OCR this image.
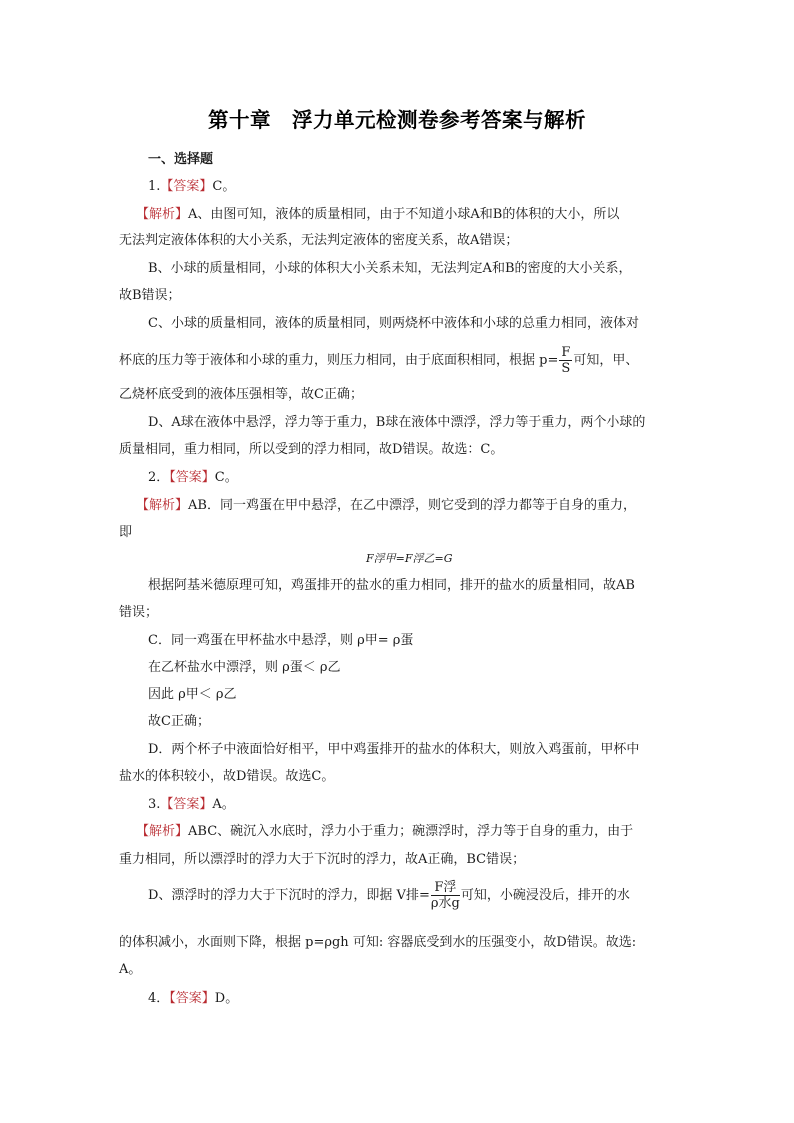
第十章　浮力单元检测卷参考答案与解析
一、选择题
1.【答案】C。
【解析】A、由图可知，液体的质量相同，由于不知道小球A和B的体积的大小，所以
无法判定液体体积的大小关系，无法判定液体的密度关系，故A错误；
B、小球的质量相同，小球的体积大小关系未知，无法判定A和B的密度的大小关系，
故B错误；
C、小球的质量相同，液体的质量相同，则两烧杯中液体和小球的总重力相同，液体对
杯底的压力等于液体和小球的重力，则压力相同，由于底面积相同，根据 $p= \frac{F}{S}$ 可知，甲、
乙烧杯底受到的液体压强相等，故C正确；
D、A球在液体中悬浮，浮力等于重力，B球在液体中漂浮，浮力等于重力，两个小球的
质量相同，重力相同，所以受到的浮力相同，故D错误。故选：C。
2．【答案】C。
【解析】AB．同一鸡蛋在甲中悬浮，在乙中漂浮，则它受到的浮力都等于自身的重力，
即
F浮甲=F浮乙=G
根据阿基米德原理可知，鸡蛋排开的盐水的重力相同，排开的盐水的质量相同，故AB
错误；
C．同一鸡蛋在甲杯盐水中悬浮，则 ρ甲= ρ蛋
在乙杯盐水中漂浮，则 ρ蛋＜ ρ乙
因此 ρ甲＜ ρ乙
故C正确；
D．两个杯子中液面恰好相平，甲中鸡蛋排开的盐水的体积大，则放入鸡蛋前，甲杯中
盐水的体积较小，故D错误。故选C。
3.【答案】A。
【解析】ABC、碗沉入水底时，浮力小于重力；碗漂浮时，浮力等于自身的重力，由于
重力相同，所以漂浮时的浮力大于下沉时的浮力，故A正确，BC错误；
D、漂浮时的浮力大于下沉时的浮力，即据 V排= $\frac{\text{F浮}}{\text{ρ水g}}$ 可知，小碗浸没后，排开的水
的体积减小，水面则下降，根据 p=ρgh 可知: 容器底受到水的压强变小，故D错误。故选:
A。
4．【答案】D。
